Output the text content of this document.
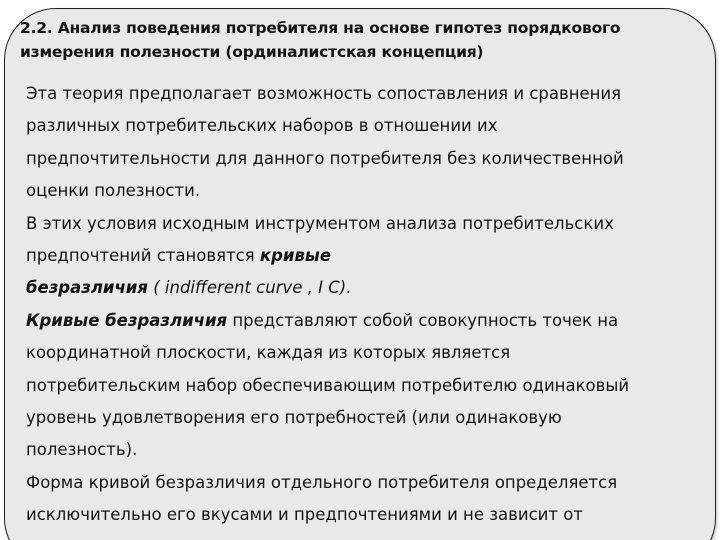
2.2. Анализ поведения потребителя на основе гипотез порядкового
измерения полезности (ординалистская концепция)
Эта теория предполагает возможность сопоставления и сравнения
различных потребительских наборов в отношении их
предпочтительности для данного потребителя без количественной
оценки полезности.
В этих условия исходным инструментом анализа потребительских
предпочтений становятся кривые
безразличия ( indifferent curve , I C).
Кривые безразличия представляют собой совокупность точек на
координатной плоскости, каждая из которых является
потребительским набор обеспечивающим потребителю одинаковый
уровень удовлетворения его потребностей (или одинаковую
полезность).
Форма кривой безразличия отдельного потребителя определяется
исключительно его вкусами и предпочтениями и не зависит от
